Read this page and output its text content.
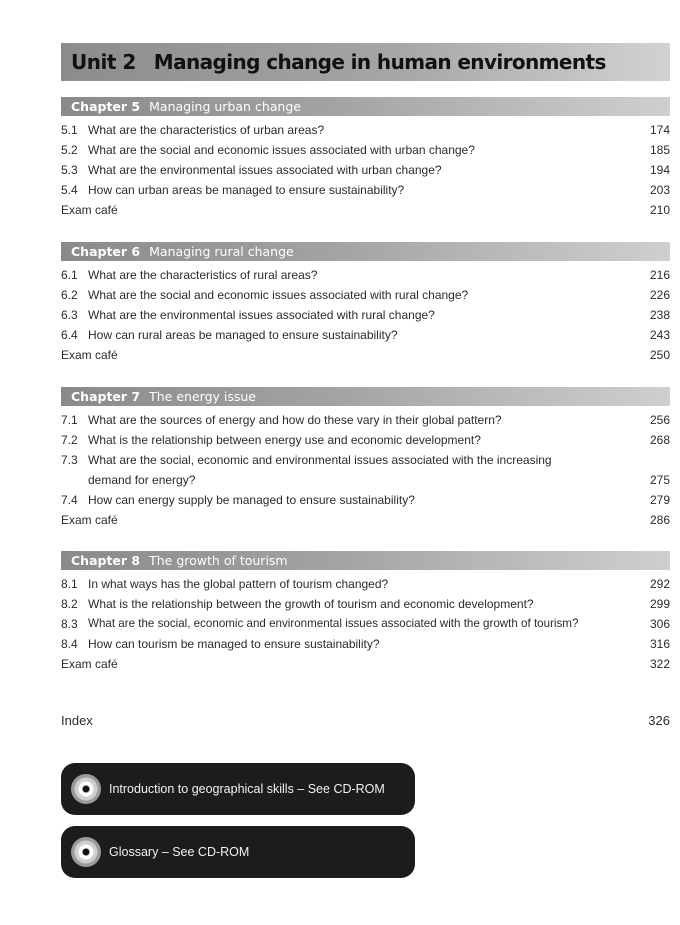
Unit 2 Managing change in human environments
Chapter 5 Managing urban change
5.1 What are the characteristics of urban areas?	174
5.2 What are the social and economic issues associated with urban change?	185
5.3 What are the environmental issues associated with urban change?	194
5.4 How can urban areas be managed to ensure sustainability?	203
Exam café	210
Chapter 6 Managing rural change
6.1 What are the characteristics of rural areas?	216
6.2 What are the social and economic issues associated with rural change?	226
6.3 What are the environmental issues associated with rural change?	238
6.4 How can rural areas be managed to ensure sustainability?	243
Exam café	250
Chapter 7 The energy issue
7.1 What are the sources of energy and how do these vary in their global pattern?	256
7.2 What is the relationship between energy use and economic development?	268
7.3 What are the social, economic and environmental issues associated with the increasing demand for energy?	275
7.4 How can energy supply be managed to ensure sustainability?	279
Exam café	286
Chapter 8 The growth of tourism
8.1 In what ways has the global pattern of tourism changed?	292
8.2 What is the relationship between the growth of tourism and economic development?	299
8.3 What are the social, economic and environmental issues associated with the growth of tourism?	306
8.4 How can tourism be managed to ensure sustainability?	316
Exam café	322
Index	326
Introduction to geographical skills – See CD-ROM
Glossary – See CD-ROM
